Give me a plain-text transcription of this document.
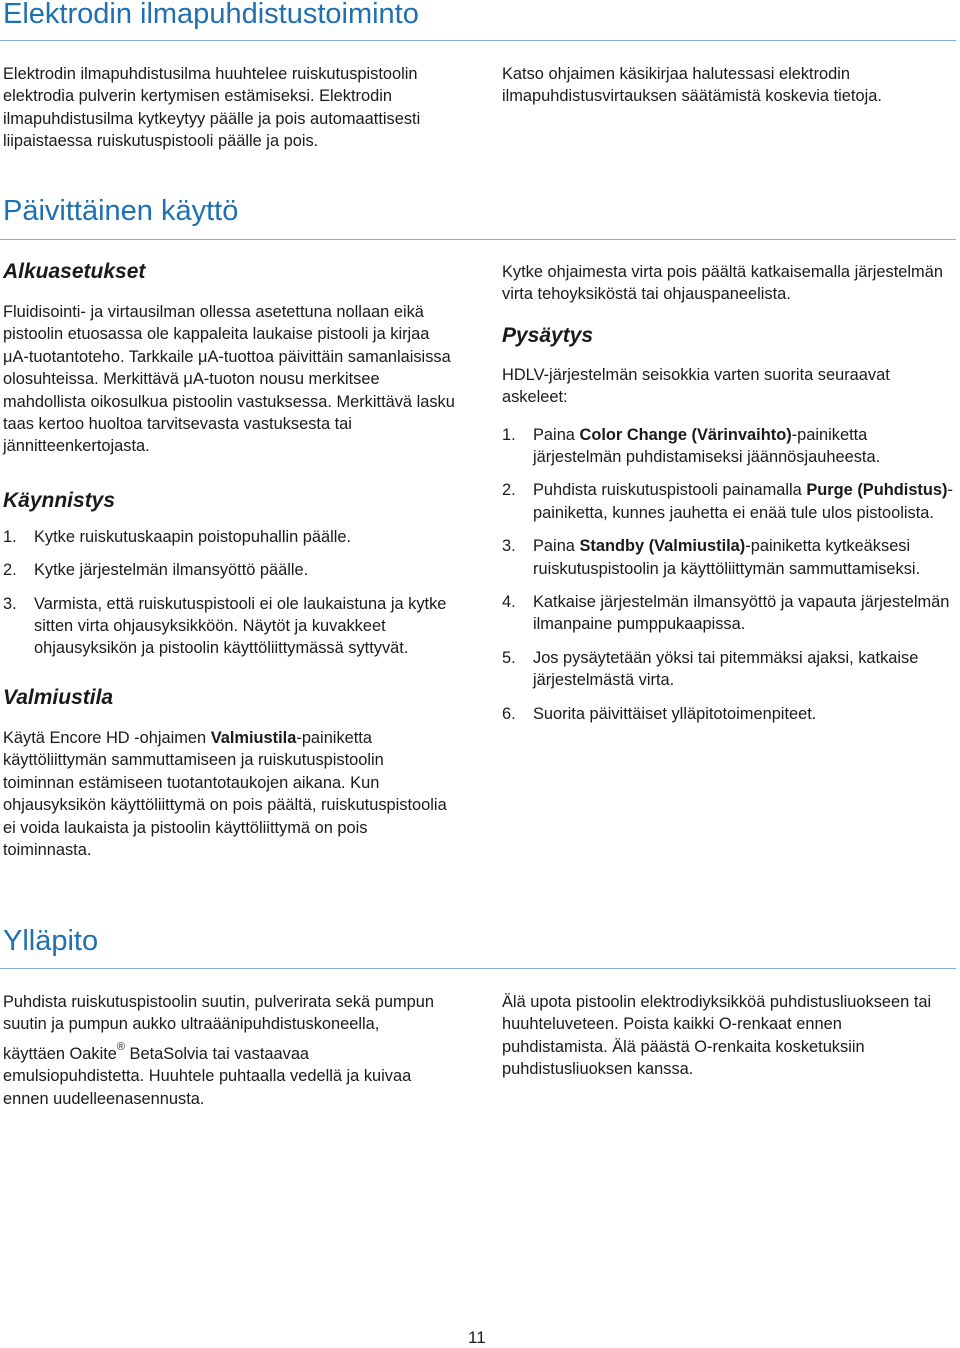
Elektrodin ilmapuhdistustoiminto

Elektrodin ilmapuhdistusilma huuhtelee ruiskutuspistoolin elektrodia pulverin kertymisen estämiseksi. Elektrodin ilmapuhdistusilma kytkeytyy päälle ja pois automaattisesti liipaistaessa ruiskutuspistooli päälle ja pois.

Katso ohjaimen käsikirjaa halutessasi elektrodin ilmapuhdistusvirtauksen säätämistä koskevia tietoja.

Päivittäinen käyttö
Alkuasetukset

Fluidisointi- ja virtausilman ollessa asetettuna nollaan eikä pistoolin etuosassa ole kappaleita laukaise pistooli ja kirjaa μA-tuotantoteho. Tarkkaile μA-tuottoa päivittäin samanlaisissa olosuhteissa. Merkittävä μA-tuoton nousu merkitsee mahdollista oikosulkua pistoolin vastuksessa. Merkittävä lasku taas kertoo huoltoa tarvitsevasta vastuksesta tai jännitteenkertojasta.

Käynnistys
1. Kytke ruiskutuskaapin poistopuhallin päälle.
2. Kytke järjestelmän ilmansyöttö päälle.
3. Varmista, että ruiskutuspistooli ei ole laukaistuna ja kytke sitten virta ohjausyksikköön. Näytöt ja kuvakkeet ohjausyksikön ja pistoolin käyttöliittymässä syttyvät.
Valmiustila

Käytä Encore HD -ohjaimen Valmiustila-painiketta käyttöliittymän sammuttamiseen ja ruiskutuspistoolin toiminnan estämiseen tuotantotaukojen aikana. Kun ohjausyksikön käyttöliittymä on pois päältä, ruiskutuspistoolia ei voida laukaista ja pistoolin käyttöliittymä on pois toiminnasta.

Kytke ohjaimesta virta pois päältä katkaisemalla järjestelmän virta tehoyksiköstä tai ohjauspaneelista.

Pysäytys

HDLV-järjestelmän seisokkia varten suorita seuraavat askeleet:

1. Paina Color Change (Värinvaihto)-painiketta järjestelmän puhdistamiseksi jäännösjauheesta.
2. Puhdista ruiskutuspistooli painamalla Purge (Puhdistus)-painiketta, kunnes jauhetta ei enää tule ulos pistoolista.
3. Paina Standby (Valmiustila)-painiketta kytkeäksesi ruiskutuspistoolin ja käyttöliittymän sammuttamiseksi.
4. Katkaise järjestelmän ilmansyöttö ja vapauta järjestelmän ilmanpaine pumppukaapissa.
5. Jos pysäytetään yöksi tai pitemmäksi ajaksi, katkaise järjestelmästä virta.
6. Suorita päivittäiset ylläpitotoimenpiteet.
Ylläpito

Puhdista ruiskutuspistoolin suutin, pulverirata sekä pumpun suutin ja pumpun aukko ultraäänipuhdistuskoneella, käyttäen Oakite® BetaSolvia tai vastaavaa emulsiopuhdistetta. Huuhtele puhtaalla vedellä ja kuivaa ennen uudelleenasennusta.

Älä upota pistoolin elektrodiyksikköä puhdistusliuokseen tai huuhteluveteen. Poista kaikki O-renkaat ennen puhdistamista. Älä päästä O-renkaita kosketuksiin puhdistusliuoksen kanssa.

11
